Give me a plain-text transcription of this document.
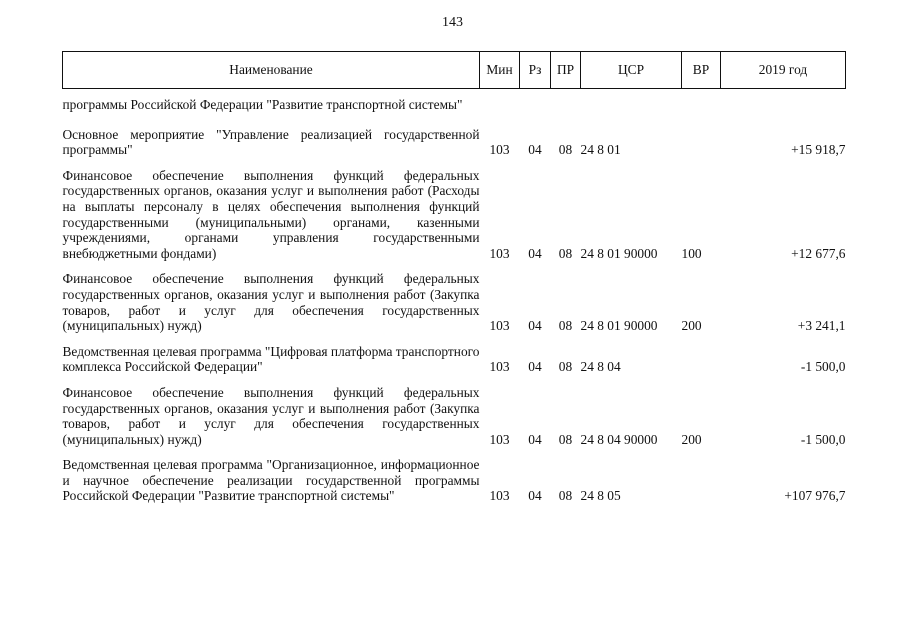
143
Наименование	Мин	Рз	ПР	ЦСР	ВР	2019 год
программы Российской Федерации "Развитие транспортной системы"						
Основное мероприятие "Управление реализацией государственной программы"	103	04	08	24 8 01		+15 918,7
Финансовое обеспечение выполнения функций федеральных государственных органов, оказания услуг и выполнения работ (Расходы на выплаты персоналу в целях обеспечения выполнения функций государственными (муниципальными) органами, казенными учреждениями, органами управления государственными внебюджетными фондами)	103	04	08	24 8 01 90000	100	+12 677,6
Финансовое обеспечение выполнения функций федеральных государственных органов, оказания услуг и выполнения работ (Закупка товаров, работ и услуг для обеспечения государственных (муниципальных) нужд)	103	04	08	24 8 01 90000	200	+3 241,1
Ведомственная целевая программа "Цифровая платформа транспортного комплекса Российской Федерации"	103	04	08	24 8 04		-1 500,0
Финансовое обеспечение выполнения функций федеральных государственных органов, оказания услуг и выполнения работ (Закупка товаров, работ и услуг для обеспечения государственных (муниципальных) нужд)	103	04	08	24 8 04 90000	200	-1 500,0
Ведомственная целевая программа "Организационное, информационное и научное обеспечение реализации государственной программы Российской Федерации "Развитие транспортной системы"	103	04	08	24 8 05		+107 976,7
